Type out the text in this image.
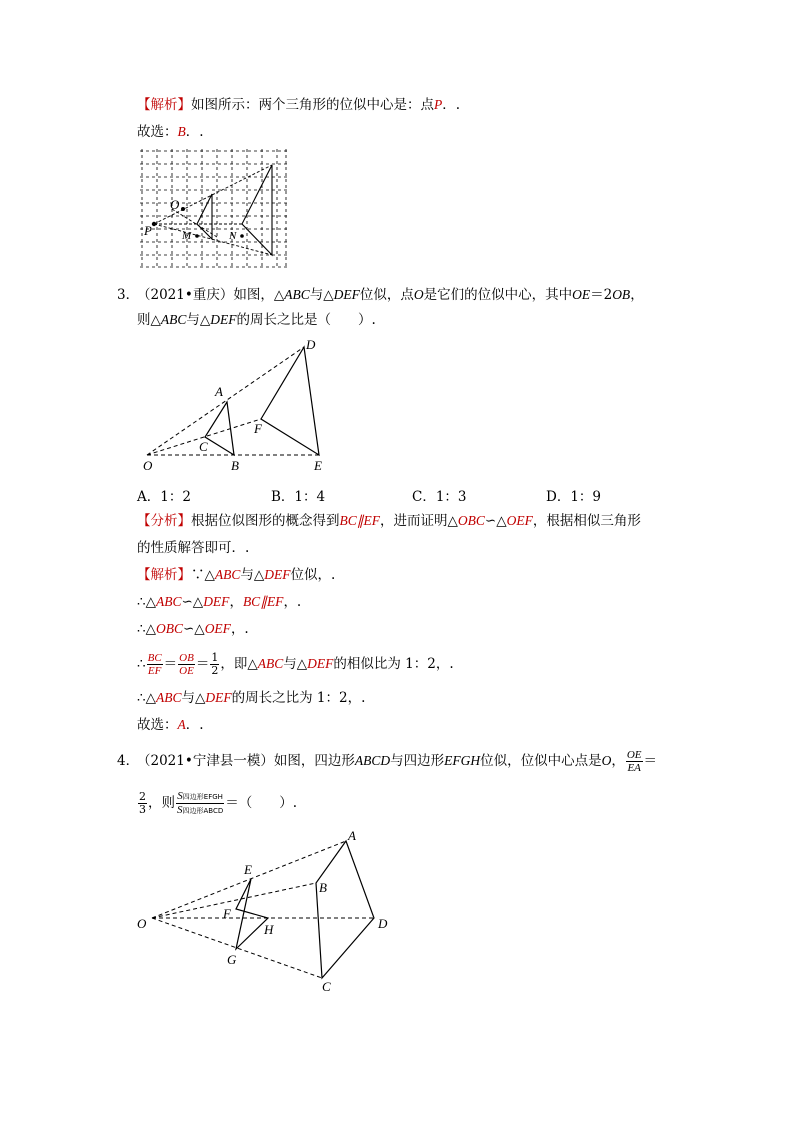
【解析】如图所示：两个三角形的位似中心是：点P．.
故选：B．.
O
P	M	N
3．
（2021•重庆）如图，△ABC与△DEF位似，点O是它们的位似中心，其中OE＝2OB，
则△ABC与△DEF的周长之比是（　　）.
A
B
C
D
E
F
O
A．1：2	B．1：4	C．1：3	D．1：9
【分析】根据位似图形的概念得到BC∥EF，进而证明△OBC∽△OEF，根据相似三角形
的性质解答即可．.
【解析】∵△ABC与△DEF位似，.
∴△ABC∽△DEF，BC∥EF，.
∴△OBC∽△OEF，.
∴ $\frac{BC}{EF} = \frac{OB}{OE} = \frac{1}{2}$ ，即△ABC与△DEF的相似比为 1：2，.
∴△ABC与△DEF的周长之比为 1：2，.
故选：A．.
4．
（2021•宁津县一模）如图，四边形ABCD与四边形EFGH位似，位似中心点是O， $\frac{OE}{EA}$ ＝
$\frac{2}{3}$ ，则 $\frac{\text{S四边形EFGH}}{\text{S四边形ABCD}}$ ＝（　　）.
E
F
G
H
A
B
C
D
O
